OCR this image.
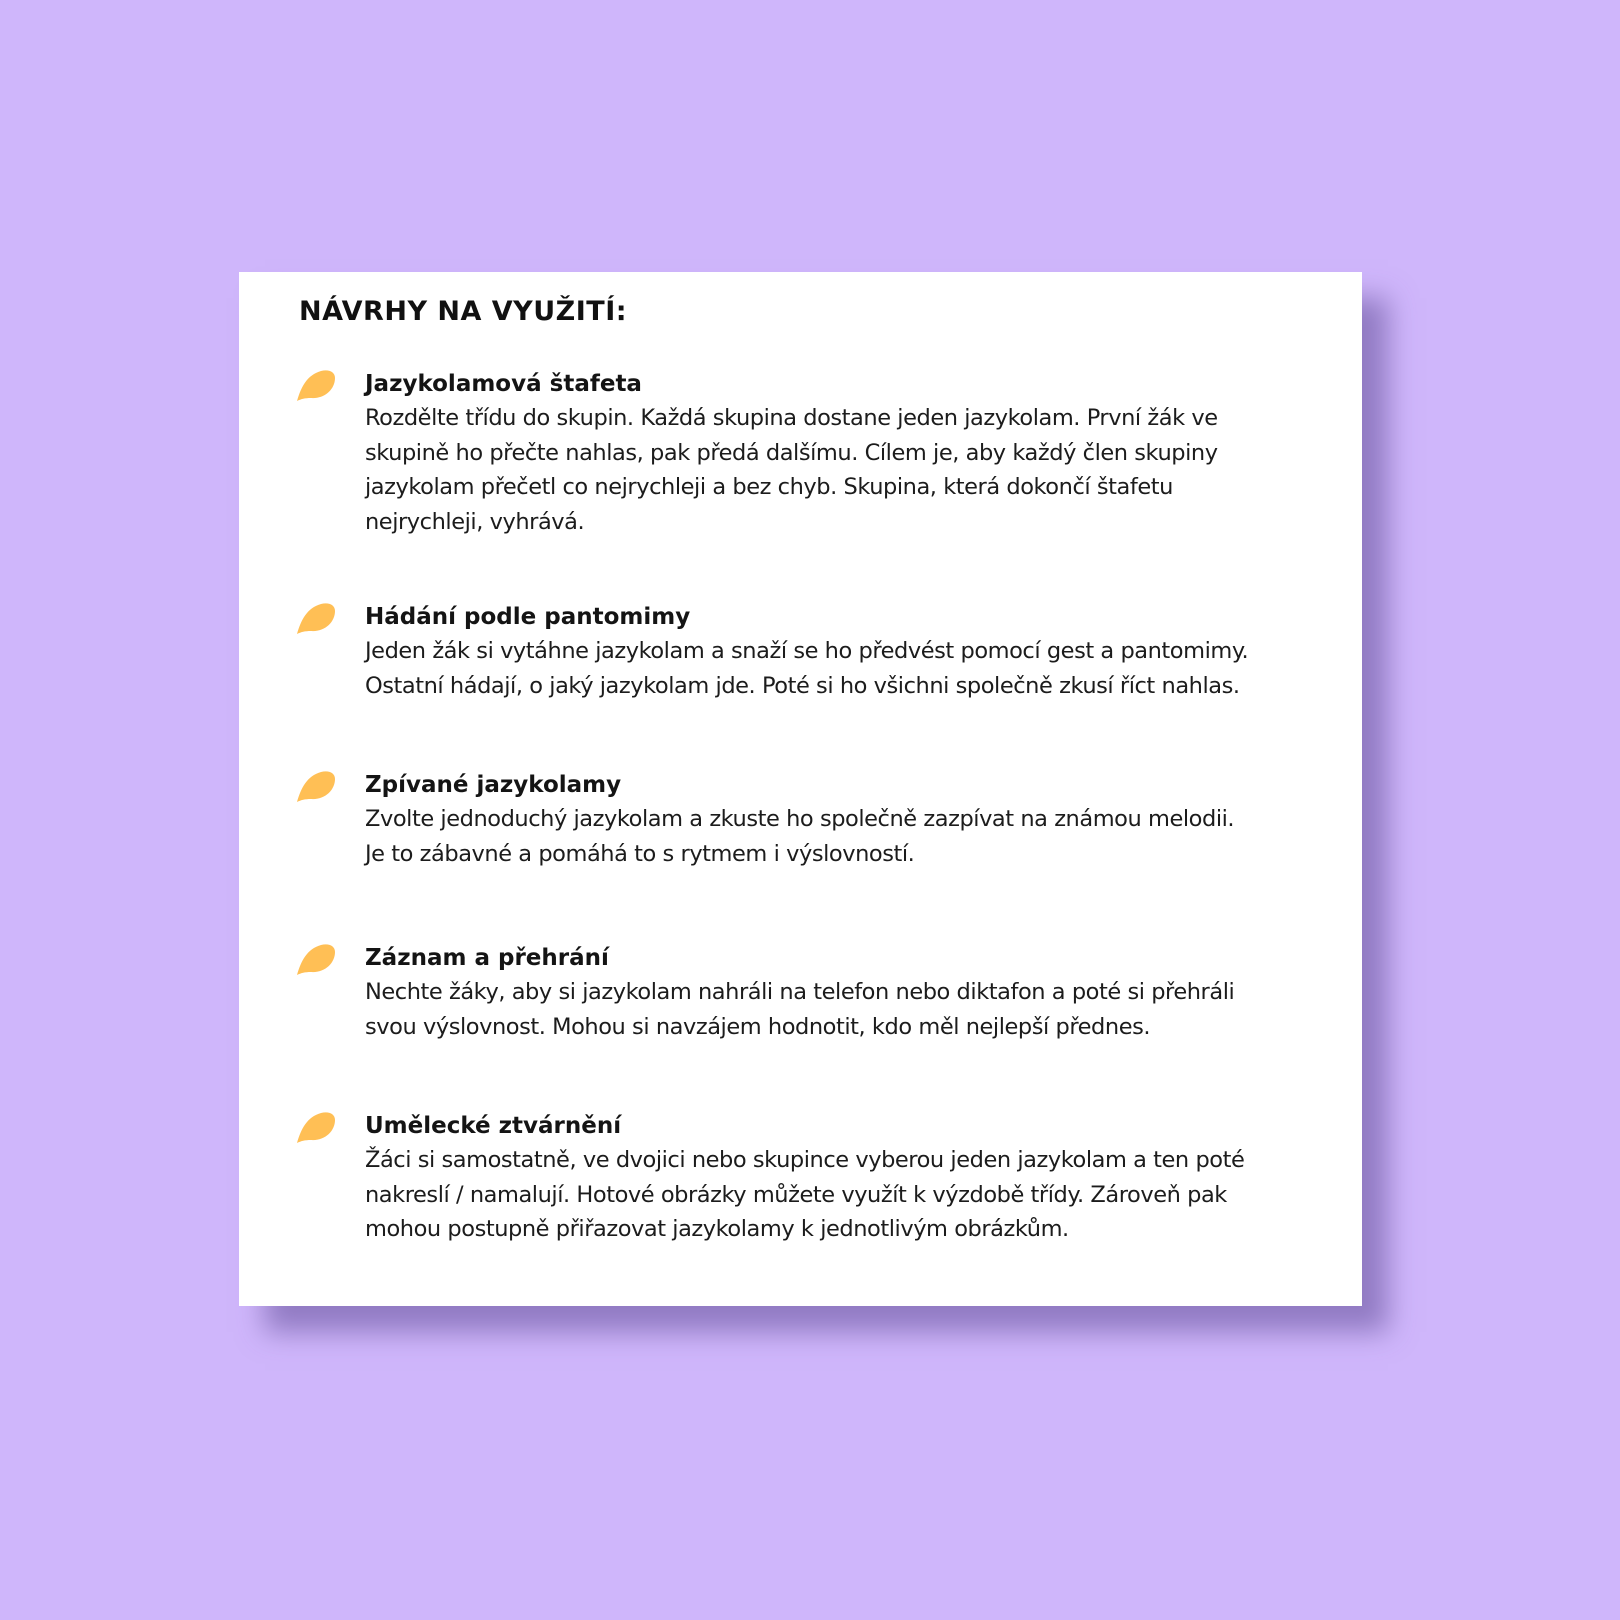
NÁVRHY NA VYUŽITÍ:
Jazykolamová štafeta

Rozdělte třídu do skupin. Každá skupina dostane jeden jazykolam. První žák ve
skupině ho přečte nahlas, pak předá dalšímu. Cílem je, aby každý člen skupiny
jazykolam přečetl co nejrychleji a bez chyb. Skupina, která dokončí štafetu
nejrychleji, vyhrává.

Hádání podle pantomimy

Jeden žák si vytáhne jazykolam a snaží se ho předvést pomocí gest a pantomimy.
Ostatní hádají, o jaký jazykolam jde. Poté si ho všichni společně zkusí říct nahlas.

Zpívané jazykolamy

Zvolte jednoduchý jazykolam a zkuste ho společně zazpívat na známou melodii.
Je to zábavné a pomáhá to s rytmem i výslovností.

Záznam a přehrání

Nechte žáky, aby si jazykolam nahráli na telefon nebo diktafon a poté si přehráli
svou výslovnost. Mohou si navzájem hodnotit, kdo měl nejlepší přednes.

Umělecké ztvárnění

Žáci si samostatně, ve dvojici nebo skupince vyberou jeden jazykolam a ten poté
nakreslí / namalují. Hotové obrázky můžete využít k výzdobě třídy. Zároveň pak
mohou postupně přiřazovat jazykolamy k jednotlivým obrázkům.
